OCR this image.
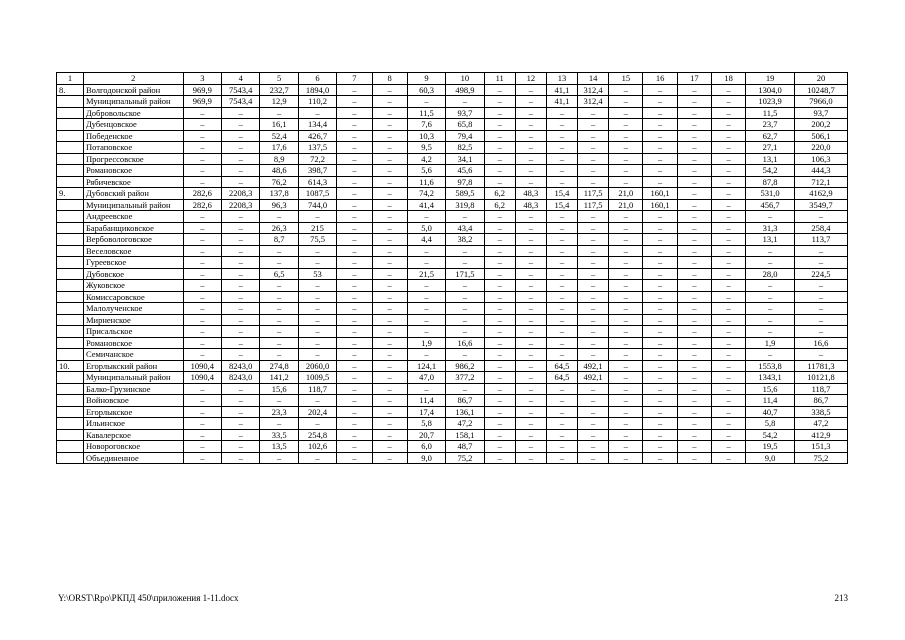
1	2	3	4	5	6	7	8	9	10	11	12	13	14	15	16	17	18	19	20
8.	Волгодонской район	969,9	7543,4	232,7	1894,0	–	–	60,3	498,9	–	–	41,1	312,4	–	–	–	–	1304,0	10248,7
	Муниципальный район	969,9	7543,4	12,9	110,2	–	–	–	–	–	–	41,1	312,4	–	–	–	–	1023,9	7966,0
	Добровольское	–	–	–	–	–	–	11,5	93,7	–	–	–	–	–	–	–	–	11,5	93,7
	Дубенцовское	–	–	16,1	134,4	–	–	7,6	65,8	–	–	–	–	–	–	–	–	23,7	200,2
	Победенское	–	–	52,4	426,7	–	–	10,3	79,4	–	–	–	–	–	–	–	–	62,7	506,1
	Потаповское	–	–	17,6	137,5	–	–	9,5	82,5	–	–	–	–	–	–	–	–	27,1	220,0
	Прогрессовское	–	–	8,9	72,2	–	–	4,2	34,1	–	–	–	–	–	–	–	–	13,1	106,3
	Романовское	–	–	48,6	398,7	–	–	5,6	45,6	–	–	–	–	–	–	–	–	54,2	444,3
	Рябичевское	–	–	76,2	614,3	–	–	11,6	97,8	–	–	–	–	–	–	–	–	87,8	712,1
9.	Дубовский район	282,6	2208,3	137,8	1087,5	–	–	74,2	589,5	6,2	48,3	15,4	117,5	21,0	160,1	–	–	531,0	4162,9
	Муниципальный район	282,6	2208,3	96,3	744,0	–	–	41,4	319,8	6,2	48,3	15,4	117,5	21,0	160,1	–	–	456,7	3549,7
	Андреевское	–	–	–	–	–	–	–	–	–	–	–	–	–	–	–	–	–	–
	Барабанщиковское	–	–	26,3	215	–	–	5,0	43,4	–	–	–	–	–	–	–	–	31,3	258,4
	Вербовологовское	–	–	8,7	75,5	–	–	4,4	38,2	–	–	–	–	–	–	–	–	13,1	113,7
	Веселовское	–	–	–	–	–	–	–	–	–	–	–	–	–	–	–	–	–	–
	Гуреевское	–	–	–	–	–	–	–	–	–	–	–	–	–	–	–	–	–	–
	Дубовское	–	–	6,5	53	–	–	21,5	171,5	–	–	–	–	–	–	–	–	28,0	224,5
	Жуковское	–	–	–	–	–	–	–	–	–	–	–	–	–	–	–	–	–	–
	Комиссаровское	–	–	–	–	–	–	–	–	–	–	–	–	–	–	–	–	–	–
	Малолученское	–	–	–	–	–	–	–	–	–	–	–	–	–	–	–	–	–	–
	Мирненское	–	–	–	–	–	–	–	–	–	–	–	–	–	–	–	–	–	–
	Присальское	–	–	–	–	–	–	–	–	–	–	–	–	–	–	–	–	–	–
	Романовское	–	–	–	–	–	–	1,9	16,6	–	–	–	–	–	–	–	–	1,9	16,6
	Семичанское	–	–	–	–	–	–	–	–	–	–	–	–	–	–	–	–	–	–
10.	Егорлыкский район	1090,4	8243,0	274,8	2060,0	–	–	124,1	986,2	–	–	64,5	492,1	–	–	–	–	1553,8	11781,3
	Муниципальный район	1090,4	8243,0	141,2	1009,5	–	–	47,0	377,2	–	–	64,5	492,1	–	–	–	–	1343,1	10121,8
	Балко-Грузинское	–	–	15,6	118,7	–	–	–	–	–	–	–	–	–	–	–	–	15,6	118,7
	Войновское	–	–	–	–	–	–	11,4	86,7	–	–	–	–	–	–	–	–	11,4	86,7
	Егорлыкское	–	–	23,3	202,4	–	–	17,4	136,1	–	–	–	–	–	–	–	–	40,7	338,5
	Ильинское	–	–	–	–	–	–	5,8	47,2	–	–	–	–	–	–	–	–	5,8	47,2
	Кавалерское	–	–	33,5	254,8	–	–	20,7	158,1	–	–	–	–	–	–	–	–	54,2	412,9
	Новороговское	–	–	13,5	102,6	–	–	6,0	48,7	–	–	–	–	–	–	–	–	19,5	151,3
	Объединенное	–	–	–	–	–	–	9,0	75,2	–	–	–	–	–	–	–	–	9,0	75,2
Y:\ORST\Rpo\РКПД 450\приложения 1-11.docx	213
